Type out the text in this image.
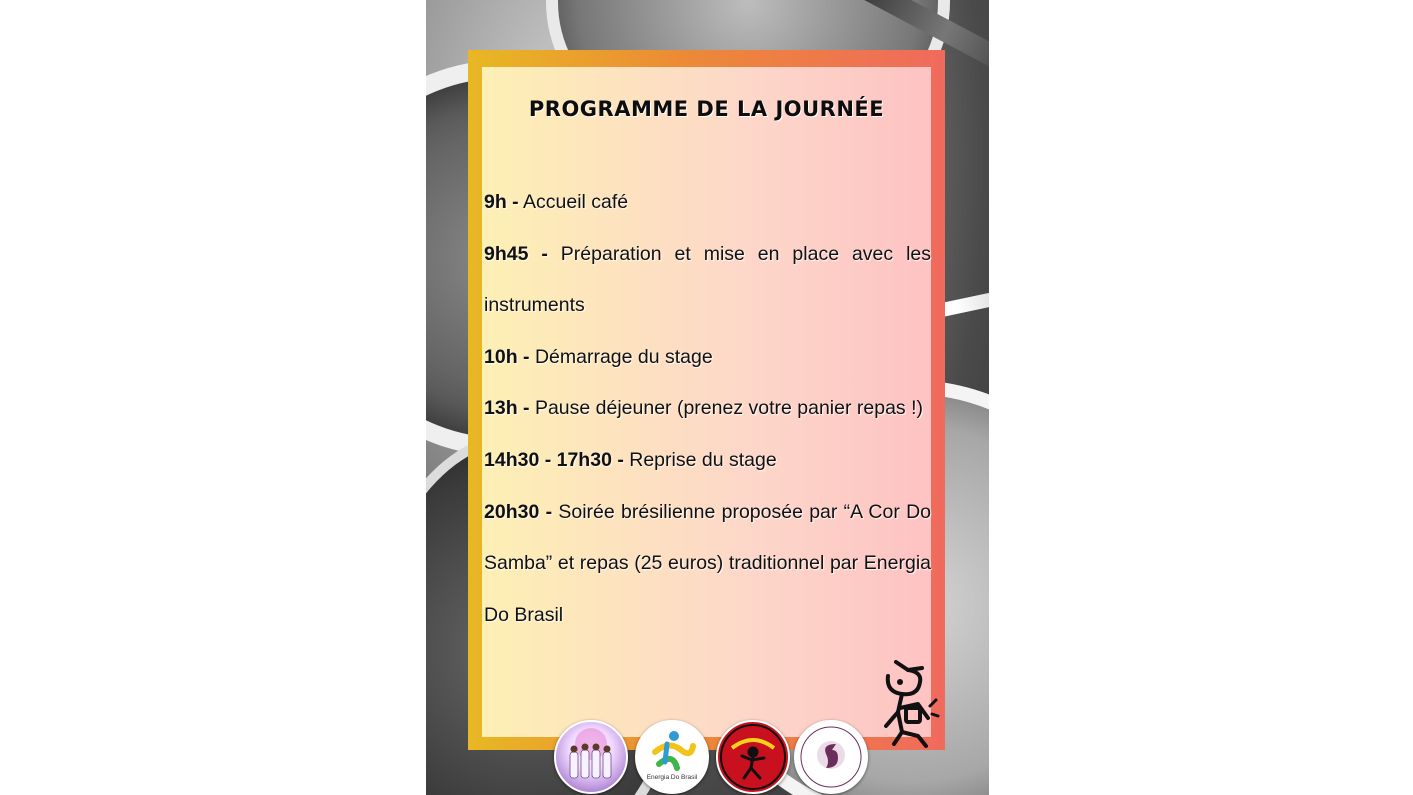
PROGRAMME DE LA JOURNÉE

9h - Accueil café

9h45 - Préparation et mise en place avec les instruments

10h - Démarrage du stage

13h - Pause déjeuner (prenez votre panier repas !)

14h30 - 17h30 - Reprise du stage

20h30 - Soirée brésilienne proposée par “A Cor Do Samba” et repas (25 euros) traditionnel par Energia Do Brasil

Energia Do Brasil
